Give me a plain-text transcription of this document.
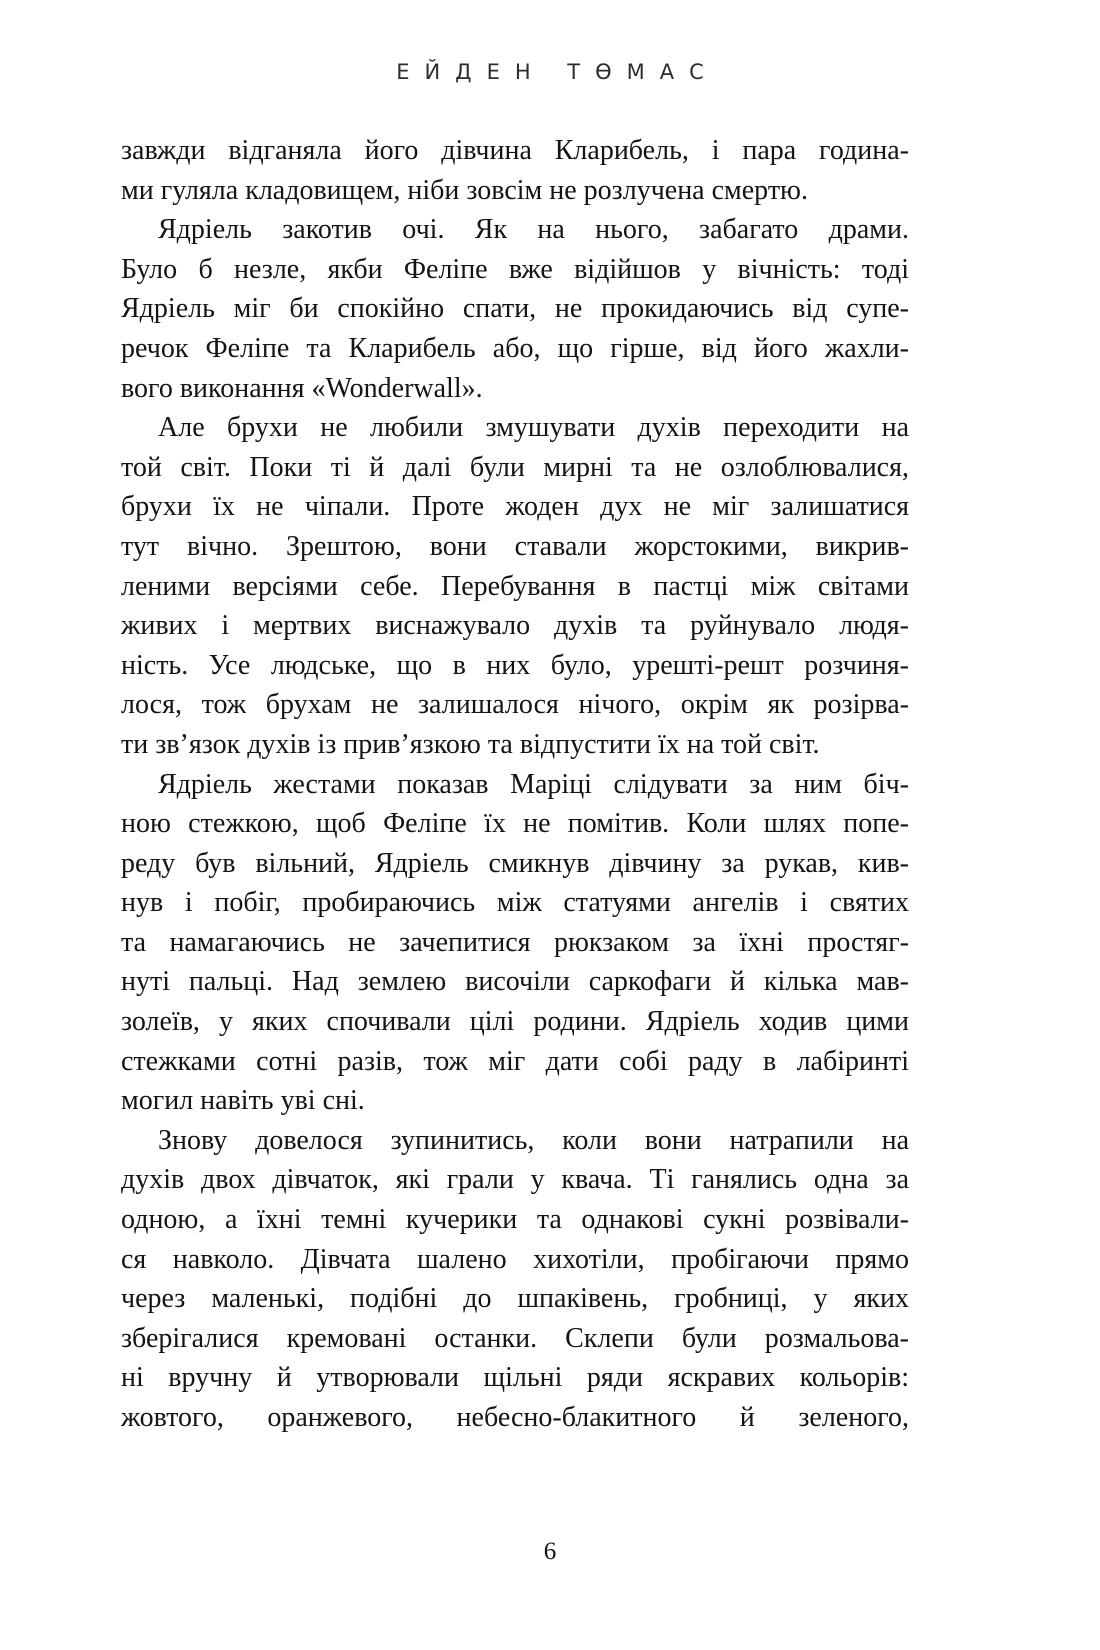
ЕЙДЕН ТѲМАС
завжди відганяла його дівчина Кларибель, і пара година-
ми гуляла кладовищем, ніби зовсім не розлучена смертю.
Ядріель закотив очі. Як на нього, забагато драми.
Було б незле, якби Феліпе вже відійшов у вічність: тоді
Ядріель міг би спокійно спати, не прокидаючись від супе-
речок Феліпе та Кларибель або, що гірше, від його жахли-
вого виконання «Wonderwall».
Але брухи не любили змушувати духів переходити на
той світ. Поки ті й далі були мирні та не озлоблювалися,
брухи їх не чіпали. Проте жоден дух не міг залишатися
тут вічно. Зрештою, вони ставали жорстокими, викрив-
леними версіями себе. Перебування в пастці між світами
живих і мертвих виснажувало духів та руйнувало людя-
ність. Усе людське, що в них було, урешті-решт розчиня-
лося, тож брухам не залишалося нічого, окрім як розірва-
ти зв’язок духів із прив’язкою та відпустити їх на той світ.
Ядріель жестами показав Маріці слідувати за ним біч-
ною стежкою, щоб Феліпе їх не помітив. Коли шлях попе-
реду був вільний, Ядріель смикнув дівчину за рукав, кив-
нув і побіг, пробираючись між статуями ангелів і святих
та намагаючись не зачепитися рюкзаком за їхні простяг-
нуті пальці. Над землею височіли саркофаги й кілька мав-
золеїв, у яких спочивали цілі родини. Ядріель ходив цими
стежками сотні разів, тож міг дати собі раду в лабіринті
могил навіть уві сні.
Знову довелося зупинитись, коли вони натрапили на
духів двох дівчаток, які грали у квача. Ті ганялись одна за
одною, а їхні темні кучерики та однакові сукні розвівали-
ся навколо. Дівчата шалено хихотіли, пробігаючи прямо
через маленькі, подібні до шпаківень, гробниці, у яких
зберігалися кремовані останки. Склепи були розмальова-
ні вручну й утворювали щільні ряди яскравих кольорів:
жовтого, оранжевого, небесно-блакитного й зеленого,
6
